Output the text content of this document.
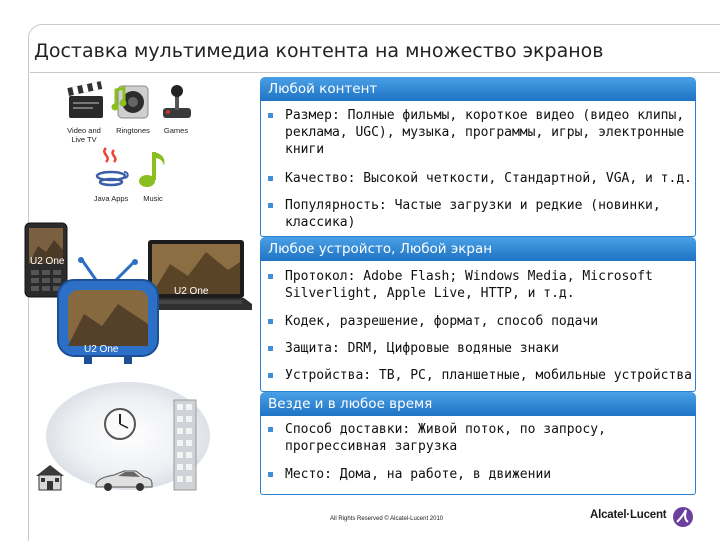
Доставка мультимедиа контента на множество экранов
Video and Live TV
Ringtones	Games
Java Apps	Music
U2 One
U2 One
U2 One
Любой контент
Размер: Полные фильмы, короткое видео (видео клипы, реклама, UGC), музыка, программы, игры, электронные книги
Качество: Высокой четкости, Стандартной, VGA, и т.д.
Популярность: Частые загрузки и редкие (новинки, классика)
Любое устройсто, Любой экран
Протокол: Adobe Flash; Windows Media, Microsoft Silverlight, Apple Live, HTTP, и т.д.
Кодек, разрешение, формат, способ подачи
Защита: DRM, Цифровые водяные знаки
Устройства: ТВ, PC, планшетные, мобильные устройства
Везде и в любое время
Способ доставки: Живой поток, по запросу, прогрессивная загрузка
Место: Дома, на работе, в движении
All Rights Reserved © Alcatel-Lucent 2010	Alcatel·Lucent
